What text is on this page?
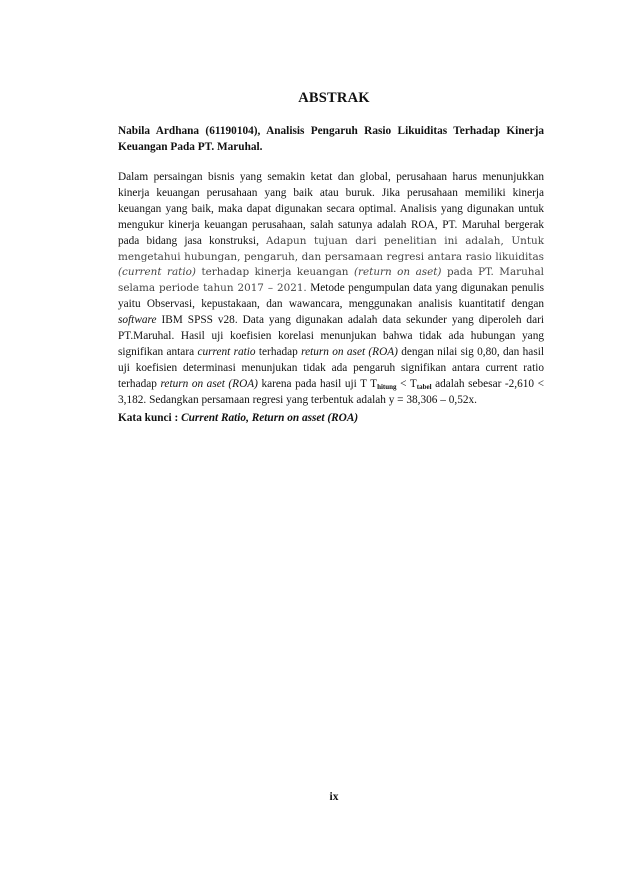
ABSTRAK
Nabila Ardhana (61190104), Analisis Pengaruh Rasio Likuiditas Terhadap Kinerja Keuangan Pada PT. Maruhal.
Dalam persaingan bisnis yang semakin ketat dan global, perusahaan harus menunjukkan kinerja keuangan perusahaan yang baik atau buruk. Jika perusahaan memiliki kinerja keuangan yang baik, maka dapat digunakan secara optimal. Analisis yang digunakan untuk mengukur kinerja keuangan perusahaan, salah satunya adalah ROA, PT. Maruhal bergerak pada bidang jasa konstruksi, Adapun tujuan dari penelitian ini adalah, Untuk mengetahui hubungan, pengaruh, dan persamaan regresi antara rasio likuiditas (current ratio) terhadap kinerja keuangan (return on aset) pada PT. Maruhal selama periode tahun 2017 – 2021. Metode pengumpulan data yang digunakan penulis yaitu Observasi, kepustakaan, dan wawancara, menggunakan analisis kuantitatif dengan software IBM SPSS v28. Data yang digunakan adalah data sekunder yang diperoleh dari PT.Maruhal. Hasil uji koefisien korelasi menunjukan bahwa tidak ada hubungan yang signifikan antara current ratio terhadap return on aset (ROA) dengan nilai sig 0,80, dan hasil uji koefisien determinasi menunjukan tidak ada pengaruh signifikan antara current ratio terhadap return on aset (ROA) karena pada hasil uji T $T_{hitung} < T_{tabel}$ adalah sebesar -2,610 < 3,182. Sedangkan persamaan regresi yang terbentuk adalah y = 38,306 – 0,52x.
Kata kunci : Current Ratio, Return on asset (ROA)
ix
